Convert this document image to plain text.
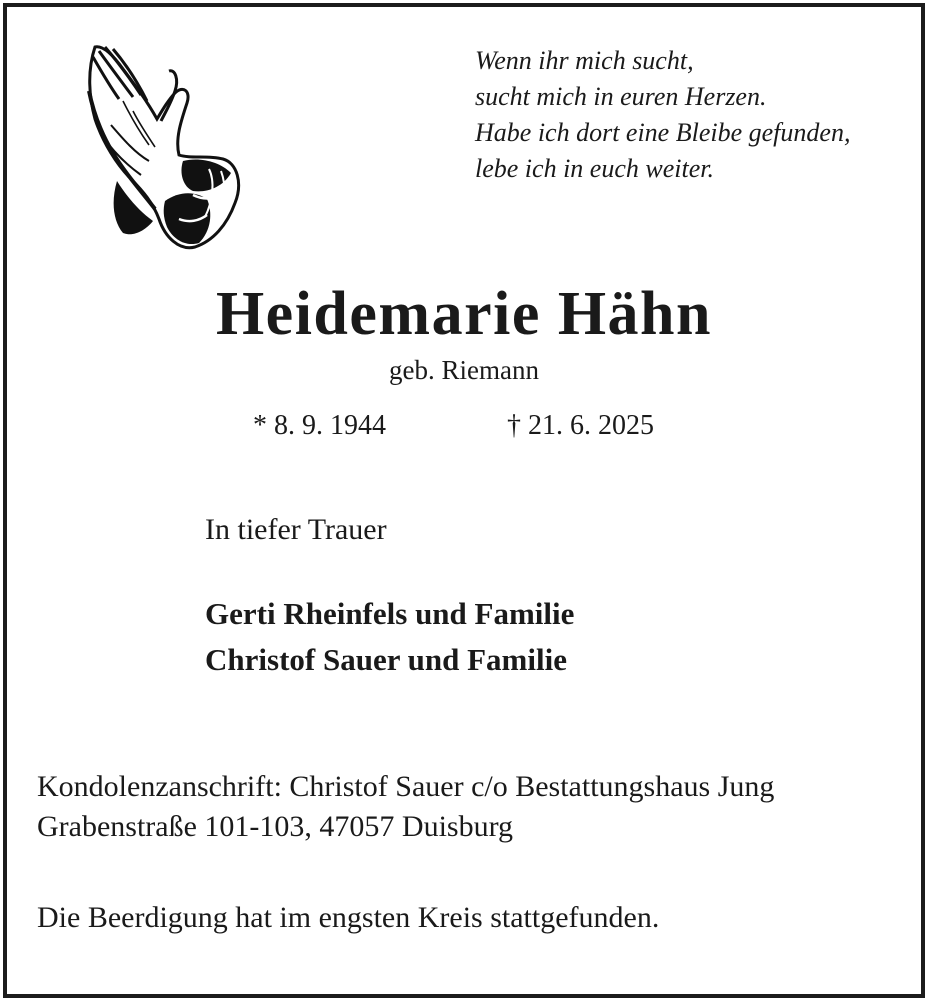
Wenn ihr mich sucht,
sucht mich in euren Herzen.
Habe ich dort eine Bleibe gefunden,
lebe ich in euch weiter.
Heidemarie Hähn
geb. Riemann
* 8. 9. 1944	† 21. 6. 2025
In tiefer Trauer
Gerti Rheinfels und Familie
Christof Sauer und Familie
Kondolenzanschrift: Christof Sauer c/o Bestattungshaus Jung
Grabenstraße 101-103, 47057 Duisburg
Die Beerdigung hat im engsten Kreis stattgefunden.
